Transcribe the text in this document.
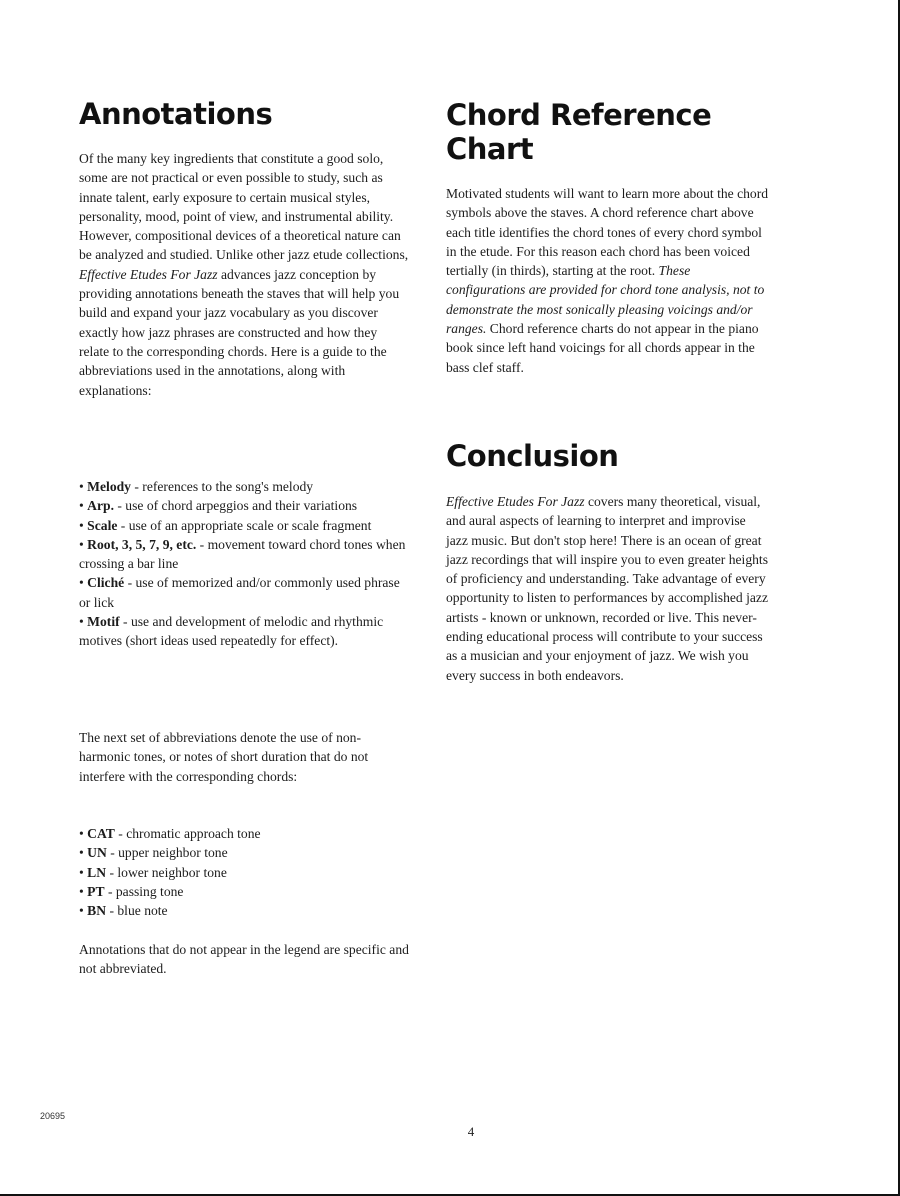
Annotations

Of the many key ingredients that constitute a good solo, some are not practical or even possible to study, such as innate talent, early exposure to certain musical styles, personality, mood, point of view, and instrumental ability. However, compositional devices of a theoretical nature can be analyzed and studied. Unlike other jazz etude collections, Effective Etudes For Jazz advances jazz conception by providing annotations beneath the staves that will help you build and expand your jazz vocabulary as you discover exactly how jazz phrases are constructed and how they relate to the corresponding chords. Here is a guide to the abbreviations used in the annotations, along with explanations:

• Melody - references to the song's melody
• Arp. - use of chord arpeggios and their variations
• Scale - use of an appropriate scale or scale fragment
• Root, 3, 5, 7, 9, etc. - movement toward chord tones when crossing a bar line
• Cliché - use of memorized and/or commonly used phrase or lick
• Motif - use and development of melodic and rhythmic motives (short ideas used repeatedly for effect).

The next set of abbreviations denote the use of non-harmonic tones, or notes of short duration that do not interfere with the corresponding chords:

• CAT - chromatic approach tone
• UN - upper neighbor tone
• LN - lower neighbor tone
• PT - passing tone
• BN - blue note

Annotations that do not appear in the legend are specific and not abbreviated.

Chord Reference
Chart

Motivated students will want to learn more about the chord symbols above the staves. A chord reference chart above each title identifies the chord tones of every chord symbol in the etude. For this reason each chord has been voiced tertially (in thirds), starting at the root. These configurations are provided for chord tone analysis, not to demonstrate the most sonically pleasing voicings and/or ranges. Chord reference charts do not appear in the piano book since left hand voicings for all chords appear in the bass clef staff.

Conclusion

Effective Etudes For Jazz covers many theoretical, visual, and aural aspects of learning to interpret and improvise jazz music. But don't stop here! There is an ocean of great jazz recordings that will inspire you to even greater heights of proficiency and understanding. Take advantage of every opportunity to listen to performances by accomplished jazz artists - known or unknown, recorded or live. This never-ending educational process will contribute to your success as a musician and your enjoyment of jazz. We wish you every success in both endeavors.

20695
4
